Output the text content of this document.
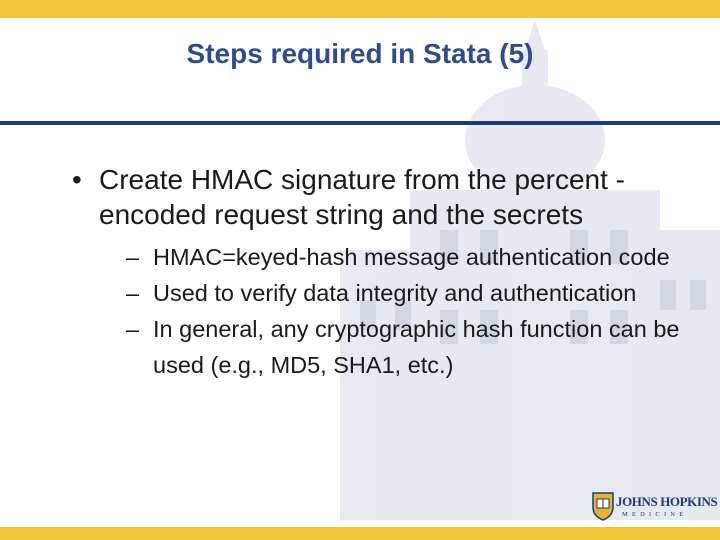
Steps required in Stata (5)
• Create HMAC signature from the percent -encoded request string and the secrets
– HMAC=keyed-hash message authentication code
– Used to verify data integrity and authentication
– In general, any cryptographic hash function can be used (e.g., MD5, SHA1, etc.)
JOHNS HOPKINS
MEDICINE
